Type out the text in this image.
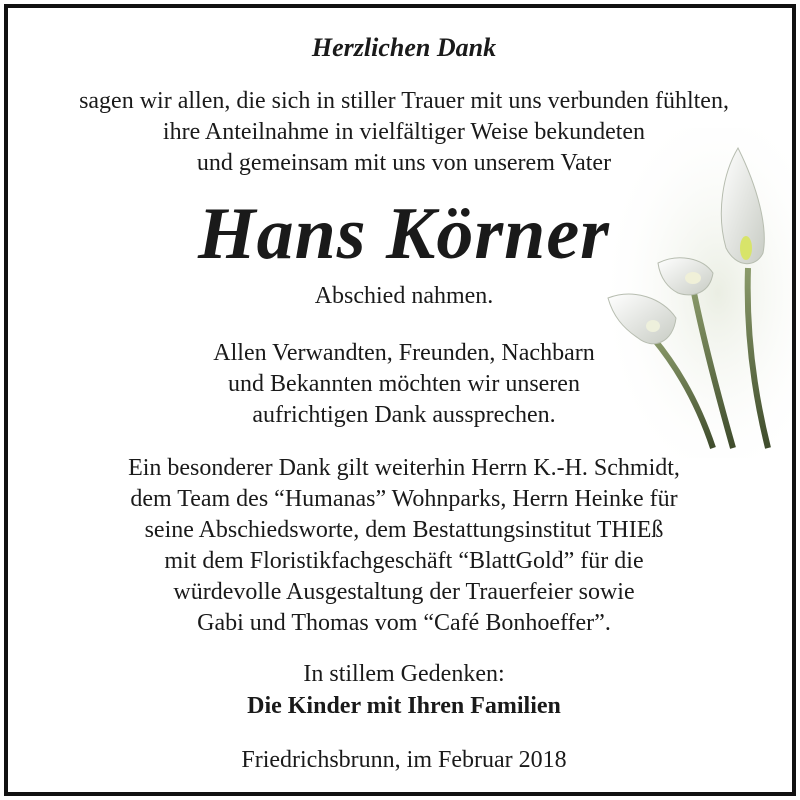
Herzlichen Dank
sagen wir allen, die sich in stiller Trauer mit uns verbunden fühlten,
ihre Anteilnahme in vielfältiger Weise bekundeten
und gemeinsam mit uns von unserem Vater
Hans Körner
Abschied nahmen.
Allen Verwandten, Freunden, Nachbarn
und Bekannten möchten wir unseren
aufrichtigen Dank aussprechen.
Ein besonderer Dank gilt weiterhin Herrn K.-H. Schmidt,
dem Team des “Humanas” Wohnparks, Herrn Heinke für
seine Abschiedsworte, dem Bestattungsinstitut THIEß
mit dem Floristikfachgeschäft “BlattGold” für die
würdevolle Ausgestaltung der Trauerfeier sowie
Gabi und Thomas vom “Café Bonhoeffer”.
In stillem Gedenken:
Die Kinder mit Ihren Familien
Friedrichsbrunn, im Februar 2018
